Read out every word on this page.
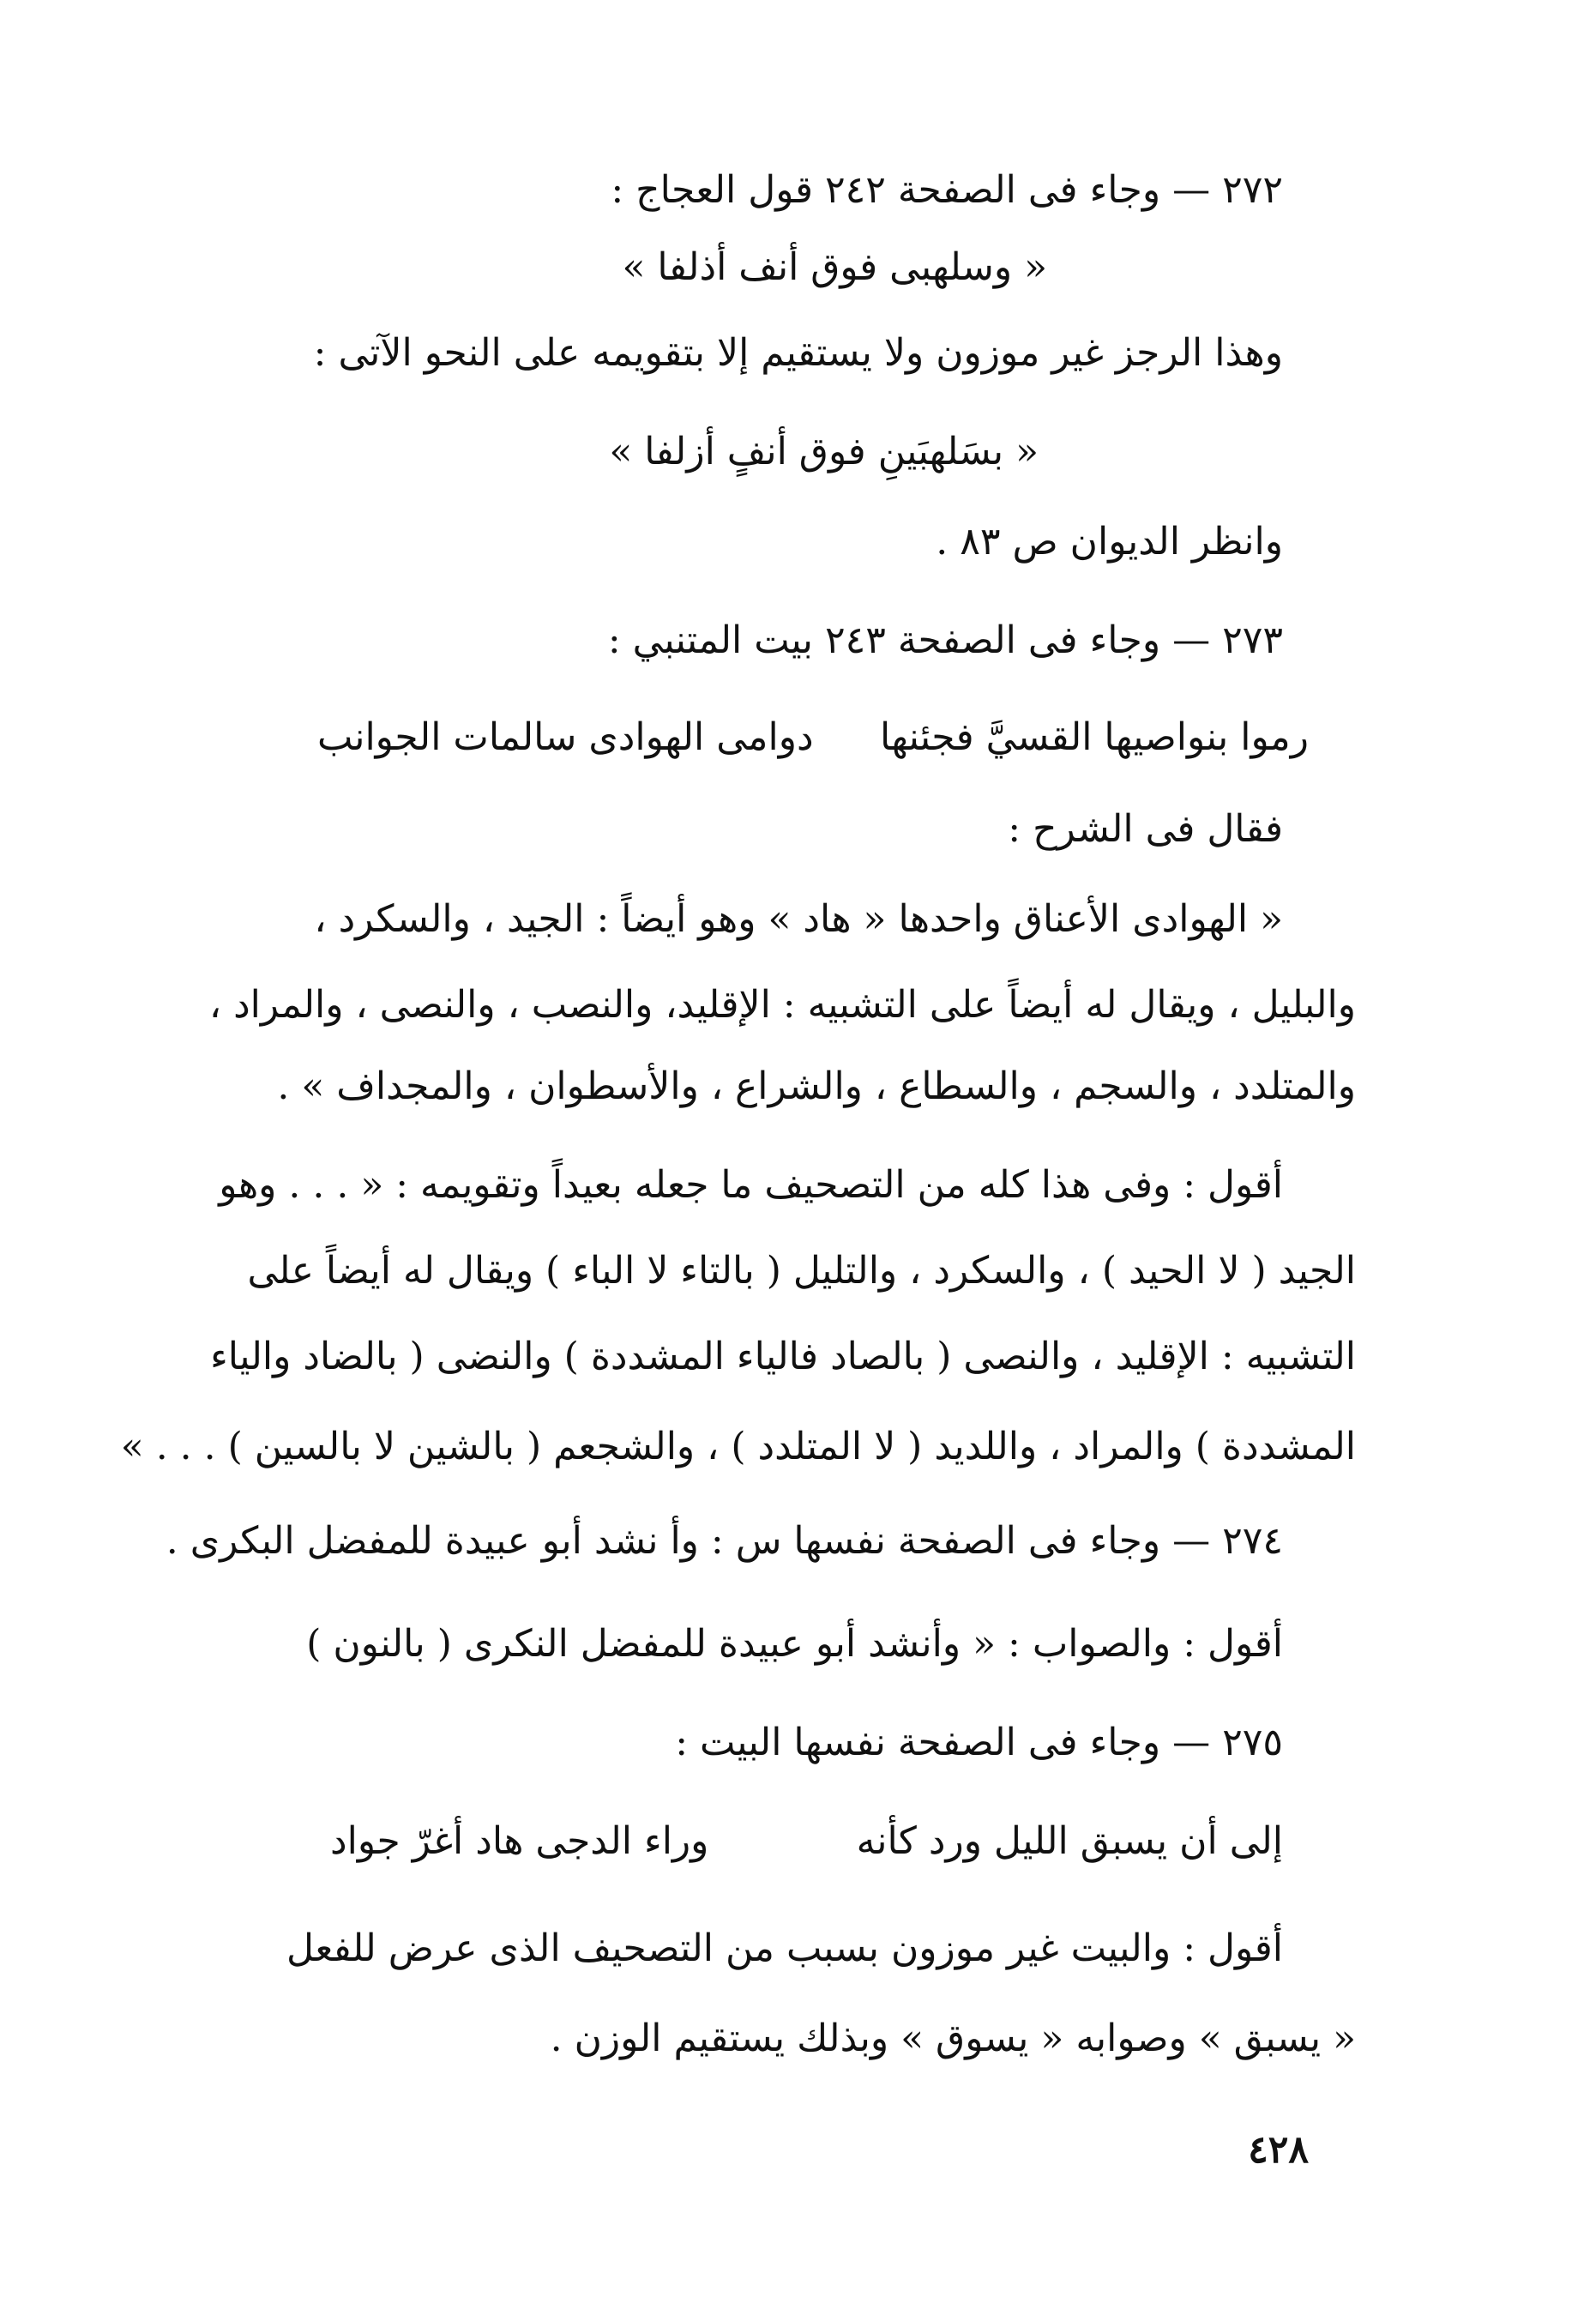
٢٧٢ — وجاء فى الصفحة ٢٤٢ قول العجاج :
« وسلهبى فوق أنف أذلفا »
وهذا الرجز غير موزون ولا يستقيم إلا بتقويمه على النحو الآتى :
« بسَلهبَينِ فوق أنفٍ أزلفا »
وانظر الديوان ص ٨٣ .
٢٧٣ — وجاء فى الصفحة ٢٤٣ بيت المتنبي :
رموا بنواصيها القسيَّ فجئنها
دوامى الهوادى سالمات الجوانب
فقال فى الشرح :
« الهوادى الأعناق واحدها « هاد » وهو أيضاً : الجيد ، والسكرد ،
والبليل ، ويقال له أيضاً على التشبيه : الإقليد، والنصب ، والنصى ، والمراد ،
والمتلدد ، والسجم ، والسطاع ، والشراع ، والأسطوان ، والمجداف » .
أقول : وفى هذا كله من التصحيف ما جعله بعيداً وتقويمه : « . . . وهو
الجيد ( لا الحيد ) ، والسكرد ، والتليل ( بالتاء لا الباء ) ويقال له أيضاً على
التشبيه : الإقليد ، والنصى ( بالصاد فالياء المشددة ) والنضى ( بالضاد والياء
المشددة ) والمراد ، واللديد ( لا المتلدد ) ، والشجعم ( بالشين لا بالسين ) . . . »
٢٧٤ — وجاء فى الصفحة نفسها س : وأ نشد أبو عبيدة للمفضل البكرى .
أقول : والصواب : « وأنشد أبو عبيدة للمفضل النكرى ( بالنون )
٢٧٥ — وجاء فى الصفحة نفسها البيت :
إلى أن يسبق الليل ورد كأنه
وراء الدجى هاد أغرّ جواد
أقول : والبيت غير موزون بسبب من التصحيف الذى عرض للفعل
« يسبق » وصوابه « يسوق » وبذلك يستقيم الوزن .
٤٢٨
